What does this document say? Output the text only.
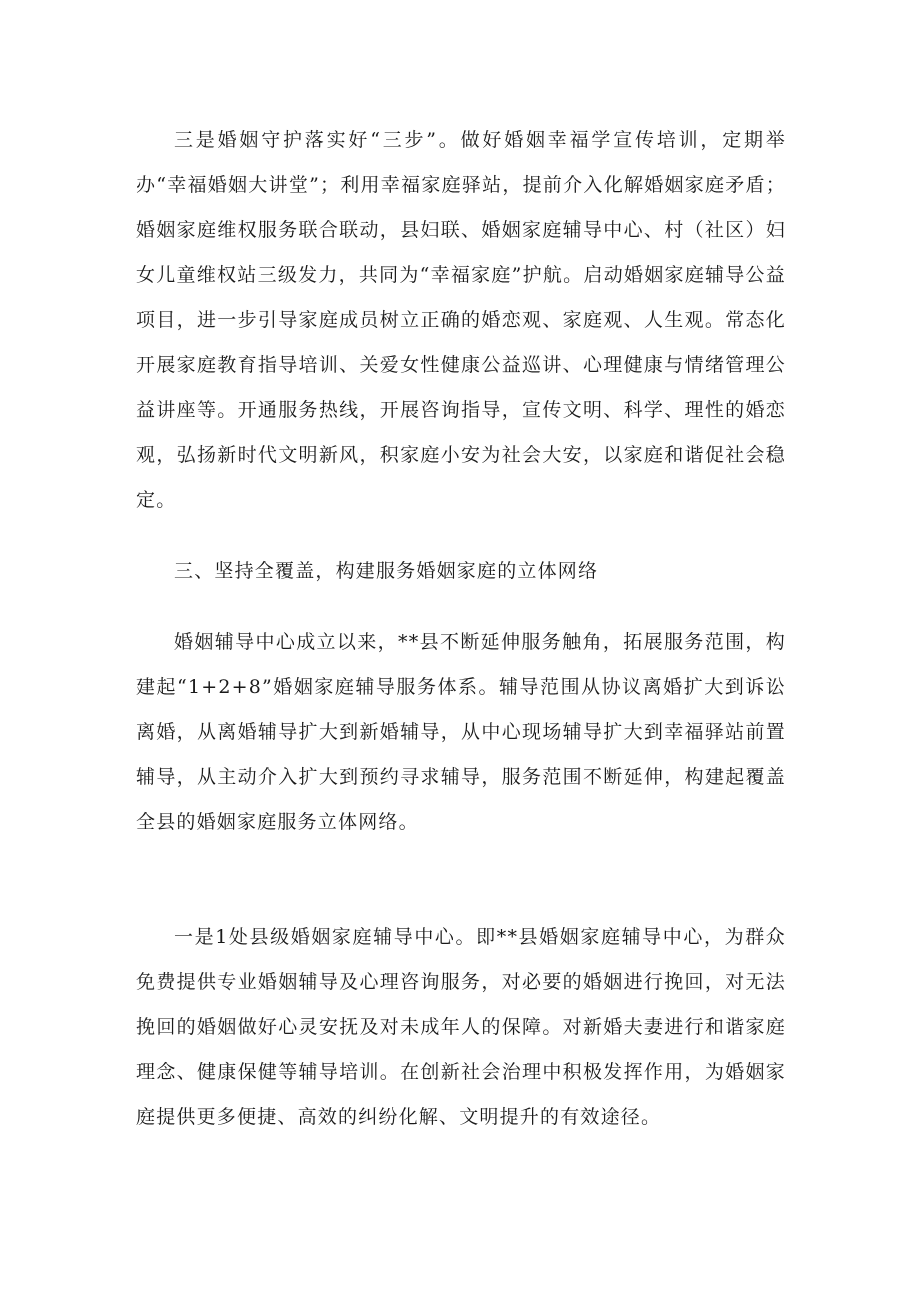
三是婚姻守护落实好“三步”。做好婚姻幸福学宣传培训，定期举办“幸福婚姻大讲堂”；利用幸福家庭驿站，提前介入化解婚姻家庭矛盾；婚姻家庭维权服务联合联动，县妇联、婚姻家庭辅导中心、村（社区）妇女儿童维权站三级发力，共同为“幸福家庭”护航。启动婚姻家庭辅导公益项目，进一步引导家庭成员树立正确的婚恋观、家庭观、人生观。常态化开展家庭教育指导培训、关爱女性健康公益巡讲、心理健康与情绪管理公益讲座等。开通服务热线，开展咨询指导，宣传文明、科学、理性的婚恋观，弘扬新时代文明新风，积家庭小安为社会大安，以家庭和谐促社会稳定。

三、坚持全覆盖，构建服务婚姻家庭的立体网络

婚姻辅导中心成立以来，**县不断延伸服务触角，拓展服务范围，构建起“1+2+8”婚姻家庭辅导服务体系。辅导范围从协议离婚扩大到诉讼离婚，从离婚辅导扩大到新婚辅导，从中心现场辅导扩大到幸福驿站前置辅导，从主动介入扩大到预约寻求辅导，服务范围不断延伸，构建起覆盖全县的婚姻家庭服务立体网络。

一是1处县级婚姻家庭辅导中心。即**县婚姻家庭辅导中心，为群众免费提供专业婚姻辅导及心理咨询服务，对必要的婚姻进行挽回，对无法挽回的婚姻做好心灵安抚及对未成年人的保障。对新婚夫妻进行和谐家庭理念、健康保健等辅导培训。在创新社会治理中积极发挥作用，为婚姻家庭提供更多便捷、高效的纠纷化解、文明提升的有效途径。
